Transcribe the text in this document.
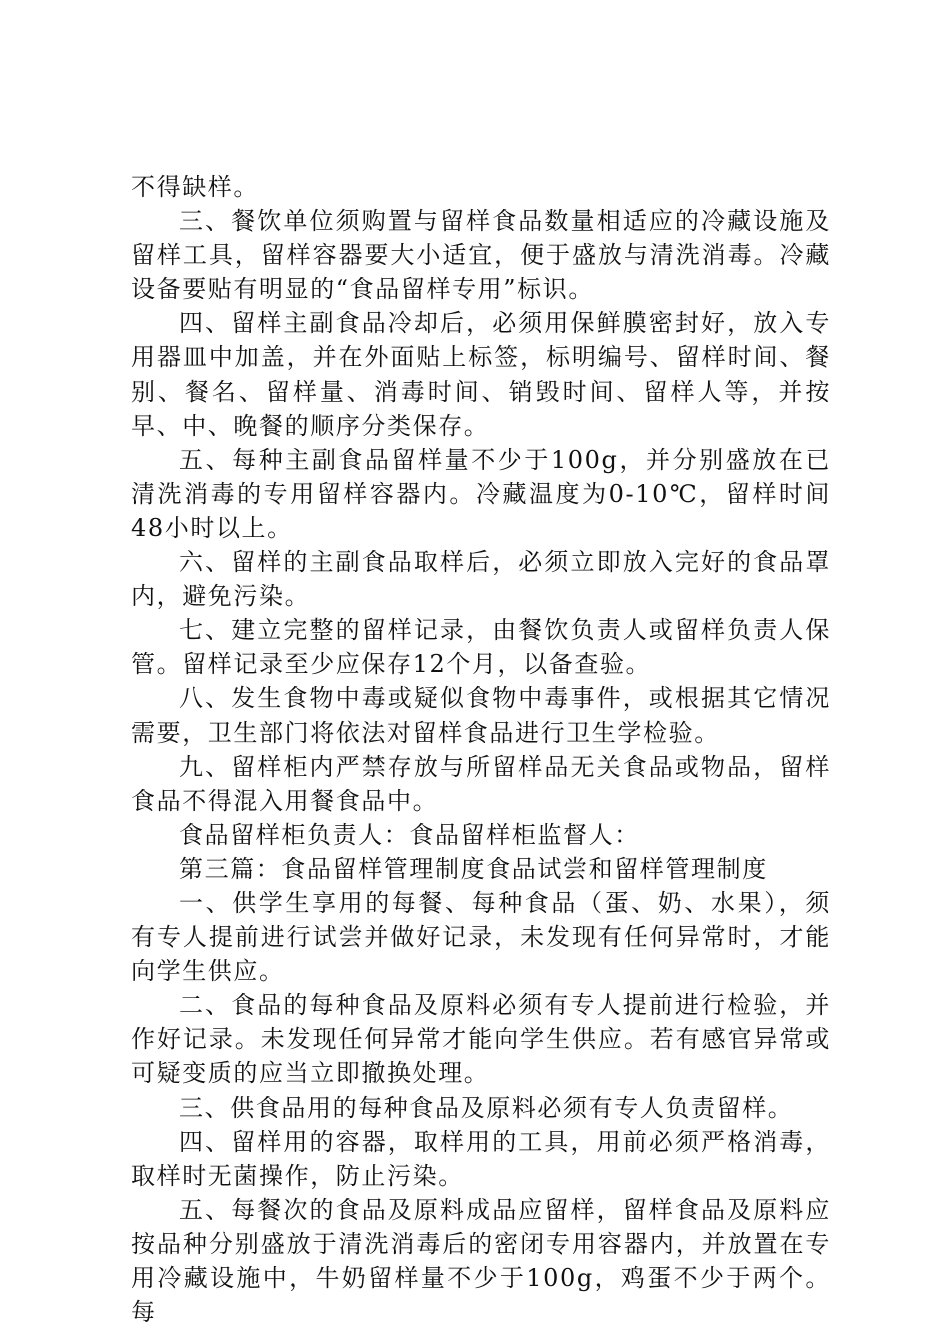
不得缺样。

三、餐饮单位须购置与留样食品数量相适应的冷藏设施及留样工具，留样容器要大小适宜，便于盛放与清洗消毒。冷藏设备要贴有明显的“食品留样专用”标识。

四、留样主副食品冷却后，必须用保鲜膜密封好，放入专用器皿中加盖，并在外面贴上标签，标明编号、留样时间、餐别、餐名、留样量、消毒时间、销毁时间、留样人等，并按早、中、晚餐的顺序分类保存。

五、每种主副食品留样量不少于100g，并分别盛放在已清洗消毒的专用留样容器内。冷藏温度为0-10℃，留样时间48小时以上。

六、留样的主副食品取样后，必须立即放入完好的食品罩内，避免污染。

七、建立完整的留样记录，由餐饮负责人或留样负责人保管。留样记录至少应保存12个月，以备查验。

八、发生食物中毒或疑似食物中毒事件，或根据其它情况需要，卫生部门将依法对留样食品进行卫生学检验。

九、留样柜内严禁存放与所留样品无关食品或物品，留样食品不得混入用餐食品中。

食品留样柜负责人：食品留样柜监督人：

第三篇：食品留样管理制度食品试尝和留样管理制度

一、供学生享用的每餐、每种食品（蛋、奶、水果），须有专人提前进行试尝并做好记录，未发现有任何异常时，才能向学生供应。

二、食品的每种食品及原料必须有专人提前进行检验，并作好记录。未发现任何异常才能向学生供应。若有感官异常或可疑变质的应当立即撤换处理。

三、供食品用的每种食品及原料必须有专人负责留样。

四、留样用的容器，取样用的工具，用前必须严格消毒，取样时无菌操作，防止污染。

五、每餐次的食品及原料成品应留样，留样食品及原料应按品种分别盛放于清洗消毒后的密闭专用容器内，并放置在专用冷藏设施中，牛奶留样量不少于100g，鸡蛋不少于两个。每
